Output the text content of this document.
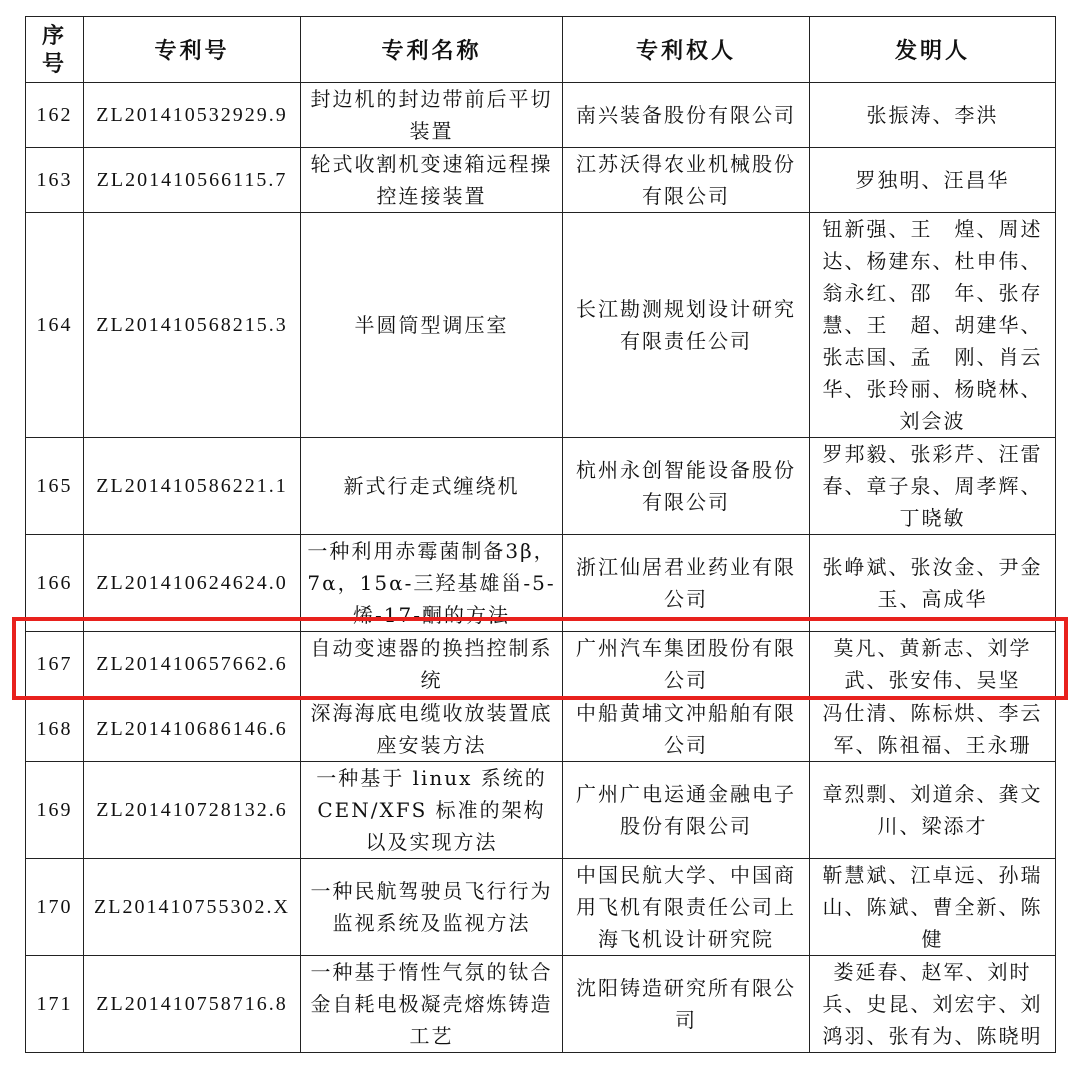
序号	专利号	专利名称	专利权人	发明人
162	ZL201410532929.9	封边机的封边带前后平切装置	南兴装备股份有限公司	张振涛、李洪
163	ZL201410566115.7	轮式收割机变速箱远程操控连接装置	江苏沃得农业机械股份有限公司	罗独明、汪昌华
164	ZL201410568215.3	半圆筒型调压室	长江勘测规划设计研究有限责任公司	钮新强、王　煌、周述达、杨建东、杜申伟、翁永红、邵　年、张存慧、王　超、胡建华、张志国、孟　刚、肖云华、张玲丽、杨晓林、刘会波
165	ZL201410586221.1	新式行走式缠绕机	杭州永创智能设备股份有限公司	罗邦毅、张彩芹、汪雷春、章子泉、周孝辉、丁晓敏
166	ZL201410624624.0	一种利用赤霉菌制备3β，7α，15α-三羟基雄甾-5-烯-17-酮的方法	浙江仙居君业药业有限公司	张峥斌、张汝金、尹金玉、高成华
167	ZL201410657662.6	自动变速器的换挡控制系统	广州汽车集团股份有限公司	莫凡、黄新志、刘学武、张安伟、吴坚
168	ZL201410686146.6	深海海底电缆收放装置底座安装方法	中船黄埔文冲船舶有限公司	冯仕清、陈标烘、李云军、陈祖福、王永珊
169	ZL201410728132.6	一种基于 linux 系统的CEN/XFS 标准的架构以及实现方法	广州广电运通金融电子股份有限公司	章烈剽、刘道余、龚文川、梁添才
170	ZL201410755302.X	一种民航驾驶员飞行行为监视系统及监视方法	中国民航大学、中国商用飞机有限责任公司上海飞机设计研究院	靳慧斌、江卓远、孙瑞山、陈斌、曹全新、陈健
171	ZL201410758716.8	一种基于惰性气氛的钛合金自耗电极凝壳熔炼铸造工艺	沈阳铸造研究所有限公司	娄延春、赵军、刘时兵、史昆、刘宏宇、刘鸿羽、张有为、陈晓明
